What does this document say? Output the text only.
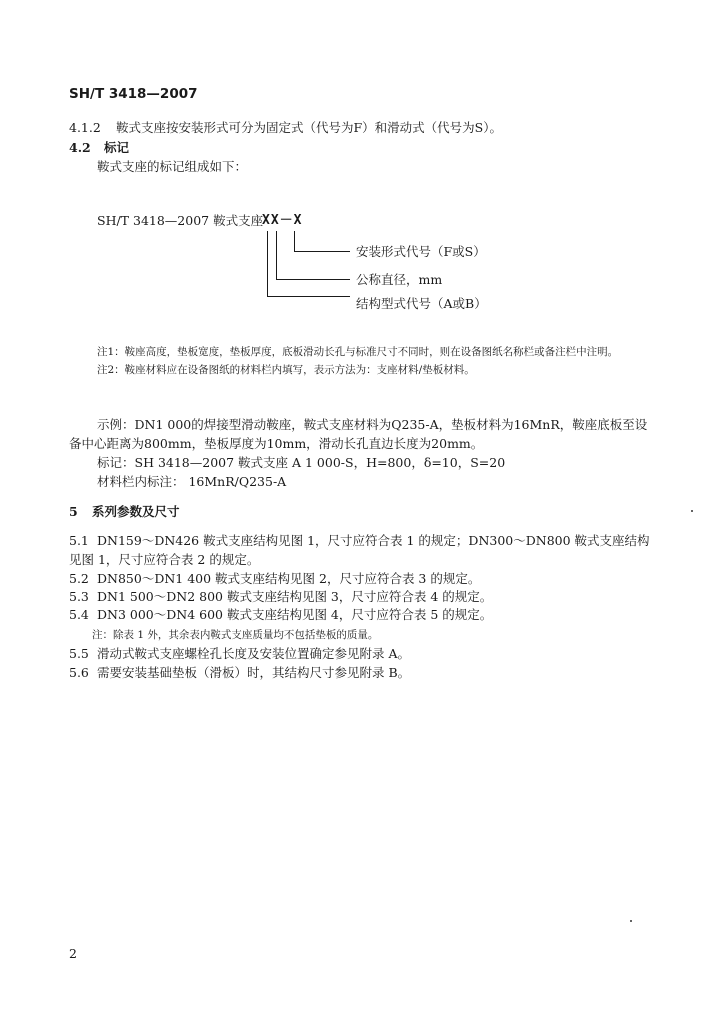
SH/T 3418—2007
4.1.2 鞍式支座按安装形式可分为固定式（代号为F）和滑动式（代号为S）。
4.2 标记
鞍式支座的标记组成如下：
SH/T 3418—2007 鞍式支座
XX－X
安装形式代号（F或S）
公称直径，mm
结构型式代号（A或B）
注1：鞍座高度，垫板宽度，垫板厚度，底板滑动长孔与标准尺寸不同时，则在设备图纸名称栏或备注栏中注明。
注2：鞍座材料应在设备图纸的材料栏内填写，表示方法为：支座材料/垫板材料。
示例：DN1 000的焊接型滑动鞍座，鞍式支座材料为Q235-A，垫板材料为16MnR，鞍座底板至设
备中心距离为800mm，垫板厚度为10mm，滑动长孔直边长度为20mm。
标记：SH 3418—2007 鞍式支座 A 1 000-S，H=800，δ=10，S=20
材料栏内标注： 16MnR/Q235-A
5 系列参数及尺寸
5.1 DN159～DN426 鞍式支座结构见图 1，尺寸应符合表 1 的规定；DN300～DN800 鞍式支座结构
见图 1，尺寸应符合表 2 的规定。
5.2 DN850～DN1 400 鞍式支座结构见图 2，尺寸应符合表 3 的规定。
5.3 DN1 500～DN2 800 鞍式支座结构见图 3，尺寸应符合表 4 的规定。
5.4 DN3 000～DN4 600 鞍式支座结构见图 4，尺寸应符合表 5 的规定。
注：除表 1 外，其余表内鞍式支座质量均不包括垫板的质量。
5.5 滑动式鞍式支座螺栓孔长度及安装位置确定参见附录 A。
5.6 需要安装基础垫板（滑板）时，其结构尺寸参见附录 B。
2
